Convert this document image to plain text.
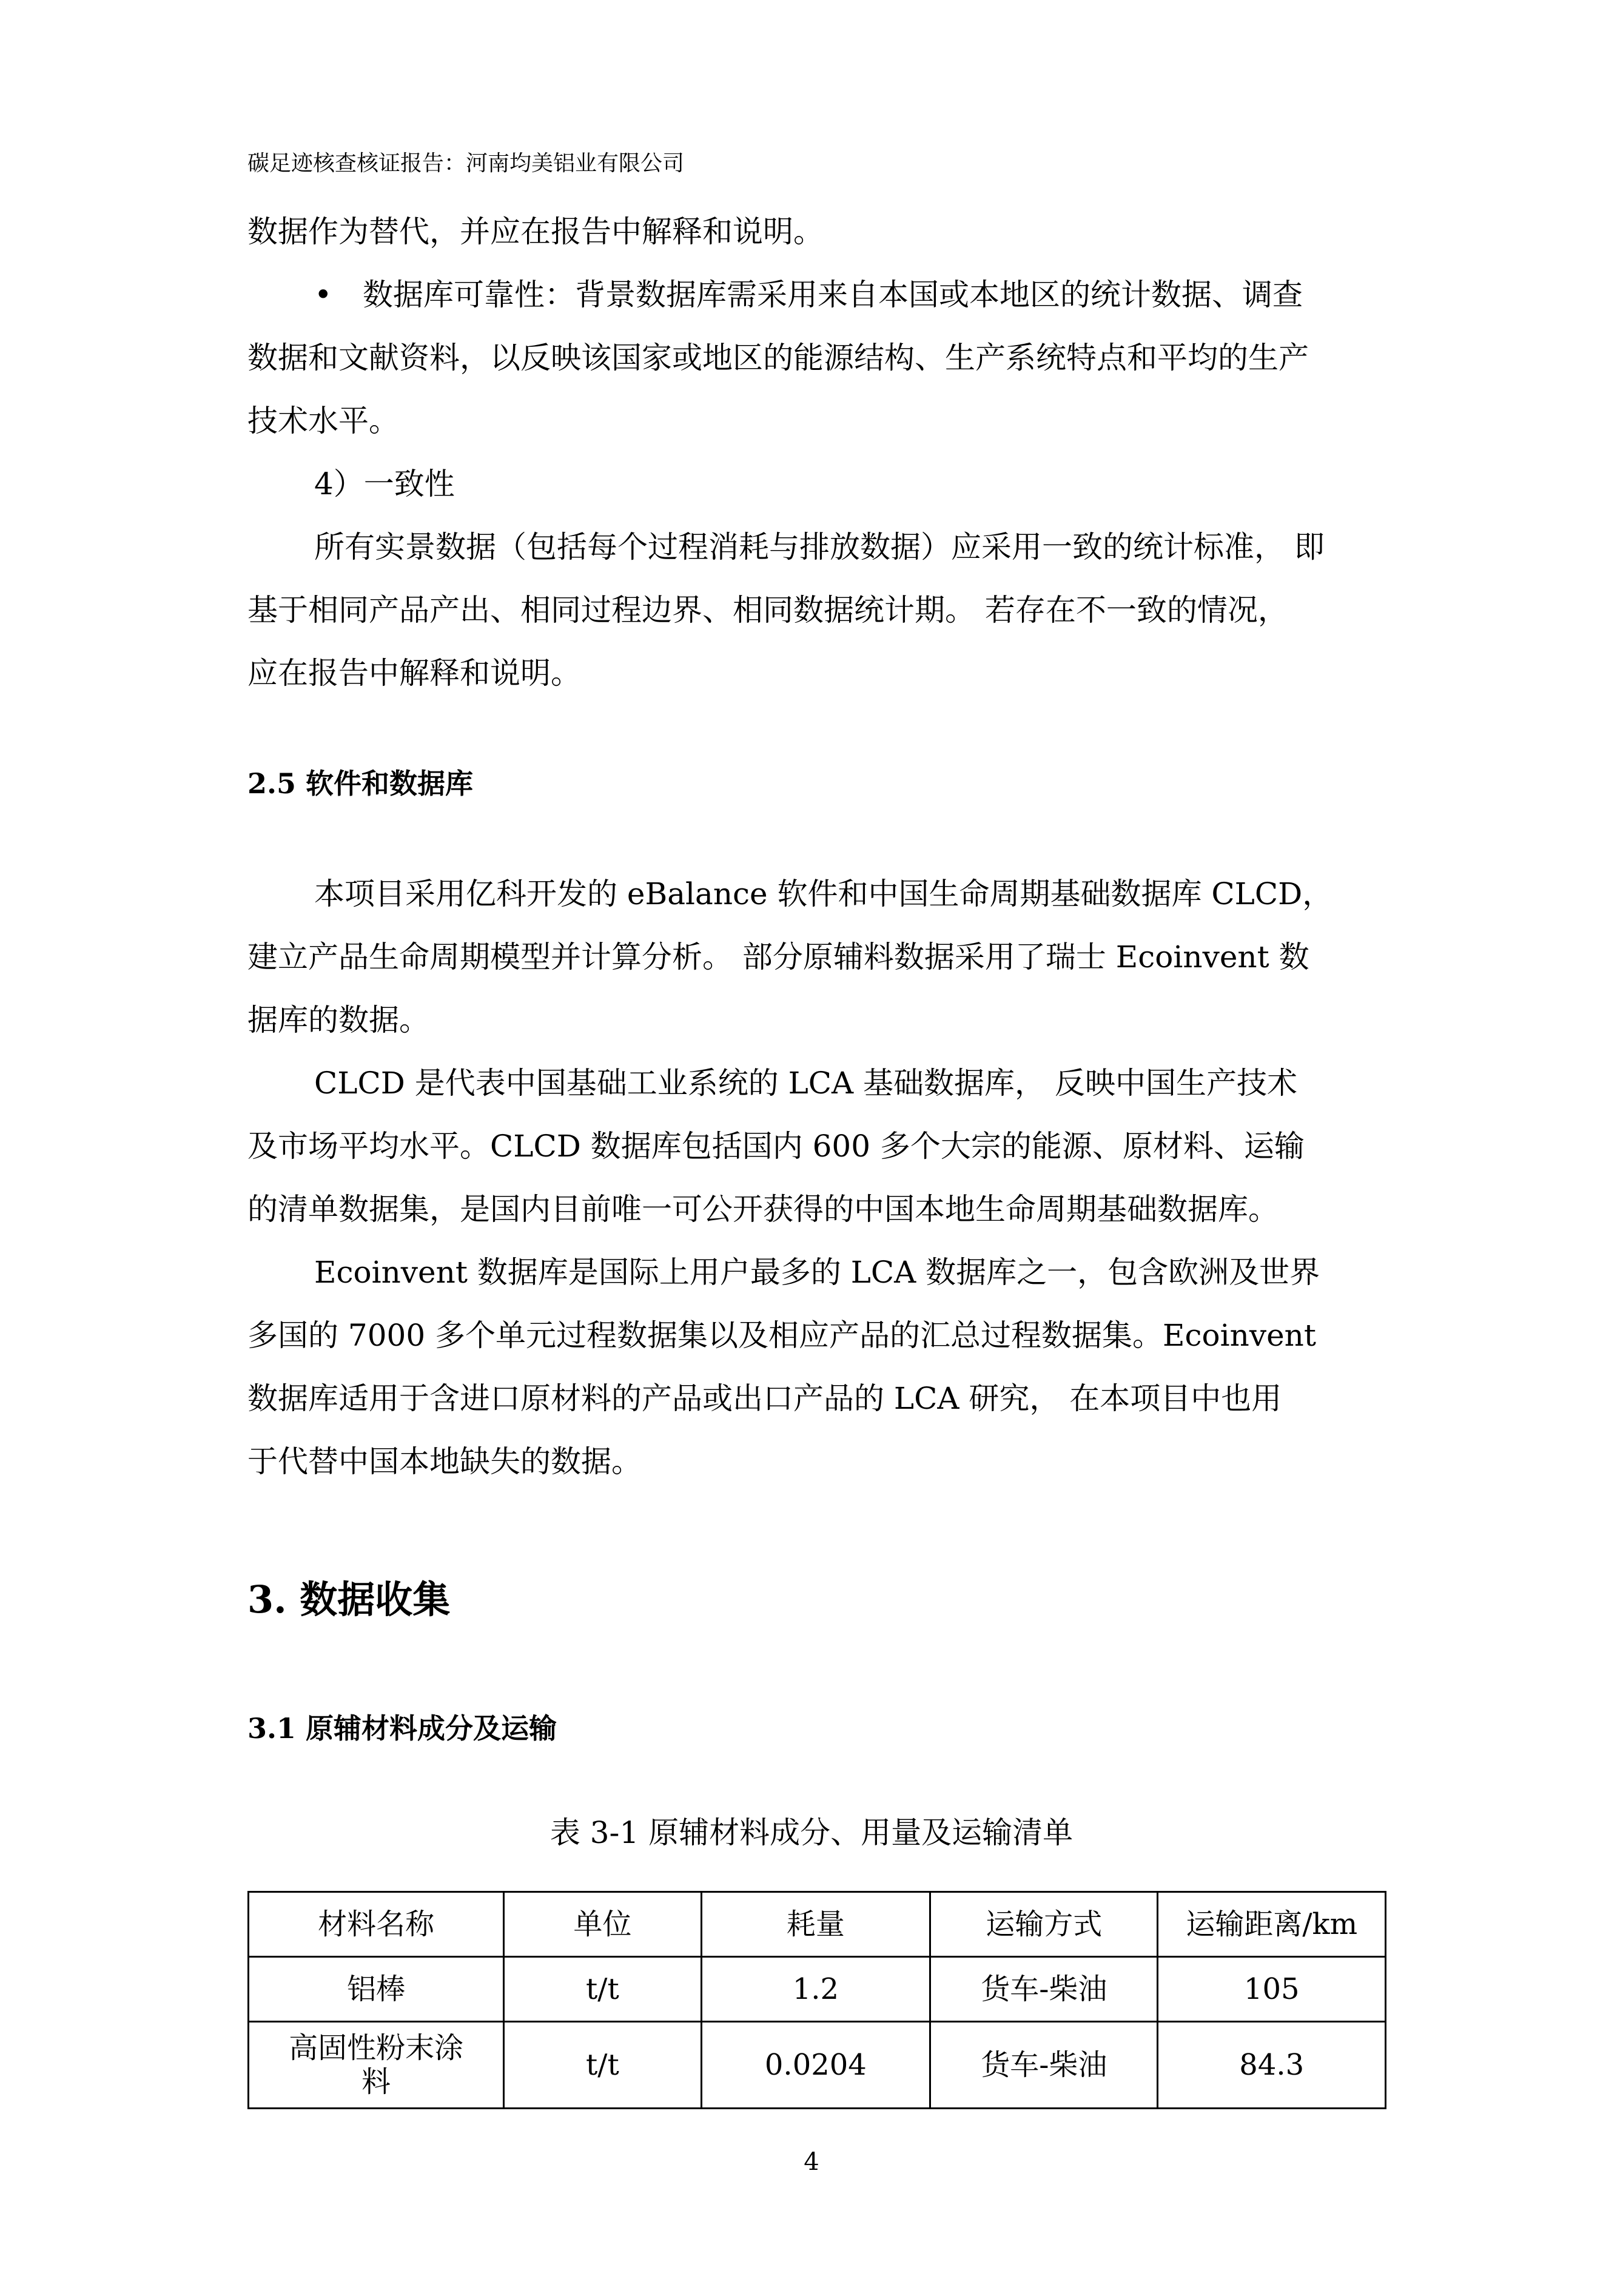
碳足迹核查核证报告：河南均美铝业有限公司
数据作为替代，并应在报告中解释和说明。
• 数据库可靠性：背景数据库需采用来自本国或本地区的统计数据、调查
数据和文献资料，以反映该国家或地区的能源结构、生产系统特点和平均的生产
技术水平。
4）一致性
所有实景数据（包括每个过程消耗与排放数据）应采用一致的统计标准， 即
基于相同产品产出、相同过程边界、相同数据统计期。 若存在不一致的情况，
应在报告中解释和说明。
2.5 软件和数据库
本项目采用亿科开发的 eBalance 软件和中国生命周期基础数据库 CLCD，
建立产品生命周期模型并计算分析。 部分原辅料数据采用了瑞士 Ecoinvent 数
据库的数据。
CLCD 是代表中国基础工业系统的 LCA 基础数据库， 反映中国生产技术
及市场平均水平。CLCD 数据库包括国内 600 多个大宗的能源、原材料、运输
的清单数据集，是国内目前唯一可公开获得的中国本地生命周期基础数据库。
Ecoinvent 数据库是国际上用户最多的 LCA 数据库之一，包含欧洲及世界
多国的 7000 多个单元过程数据集以及相应产品的汇总过程数据集。Ecoinvent
数据库适用于含进口原材料的产品或出口产品的 LCA 研究， 在本项目中也用
于代替中国本地缺失的数据。
3. 数据收集
3.1 原辅材料成分及运输
表 3-1 原辅材料成分、用量及运输清单
材料名称	单位	耗量	运输方式	运输距离/km
铝棒	t/t	1.2	货车-柴油	105
高固性粉末涂
料	t/t	0.0204	货车-柴油	84.3
4
